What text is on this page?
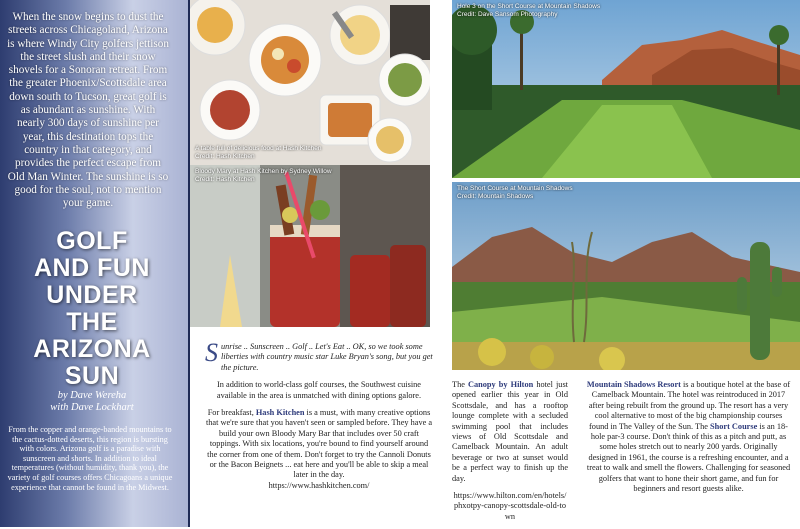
When the snow begins to dust the streets across Chicagoland, Arizona is where Windy City golfers jettison the street slush and their snow shovels for a Sonoran retreat. From the greater Phoenix/Scottsdale area down south to Tucson, great golf is as abundant as sunshine. With nearly 300 days of sunshine per year, this destination tops the country in that category, and provides the perfect escape from Old Man Winter. The sunshine is so good for the soul, not to mention your game.
GOLF
AND FUN
UNDER
THE
ARIZONA
SUN
by Dave Wereha
with Dave Lockhart
From the copper and orange-banded mountains to the cactus-dotted deserts, this region is bursting with colors. Arizona golf is a paradise with sunscreen and shorts. In addition to ideal temperatures (without humidity, thank you), the variety of golf courses offers Chicagoans a unique experience that cannot be found in the Midwest.
A table full of delicious food at Hash Kitchen
Credit: Hash Kitchen
Bloody Mary at Hash Kitchen by Sydney Willow
Credit: Hash Kitchen
Hole 3 on the Short Course at Mountain Shadows
Credit: Dave Sansom Photography
The Short Course at Mountain Shadows
Credit: Mountain Shadows

S unrise .. Sunscreen .. Golf .. Let's Eat .. OK, so we took some liberties with country music star Luke Bryan's song, but you get the picture.

In addition to world-class golf courses, the Southwest cuisine available in the area is unmatched with dining options galore.

For breakfast, Hash Kitchen is a must, with many creative options that we're sure that you haven't seen or sampled before. They have a build your own Bloody Mary Bar that includes over 50 craft toppings. With six locations, you're bound to find yourself around the corner from one of them. Don't forget to try the Cannoli Donuts or the Bacon Beignets ... eat here and you'll be able to skip a meal later in the day.
https://www.hashkitchen.com/

The Canopy by Hilton hotel just opened earlier this year in Old Scottsdale, and has a rooftop lounge complete with a secluded swimming pool that includes views of Old Scottsdale and Camelback Mountain. An adult beverage or two at sunset would be a perfect way to finish up the day.

https://www.hilton.com/en/hotels/phxotpy-canopy-scottsdale-old-town

Mountain Shadows Resort is a boutique hotel at the base of Camelback Mountain. The hotel was reintroduced in 2017 after being rebuilt from the ground up. The resort has a very cool alternative to most of the big championship courses found in The Valley of the Sun. The Short Course is an 18-hole par-3 course. Don't think of this as a pitch and putt, as some holes stretch out to nearly 200 yards. Originally designed in 1961, the course is a refreshing encounter, and a treat to walk and smell the flowers. Challenging for seasoned golfers that want to hone their short game, and fun for beginners and resort guests alike.
